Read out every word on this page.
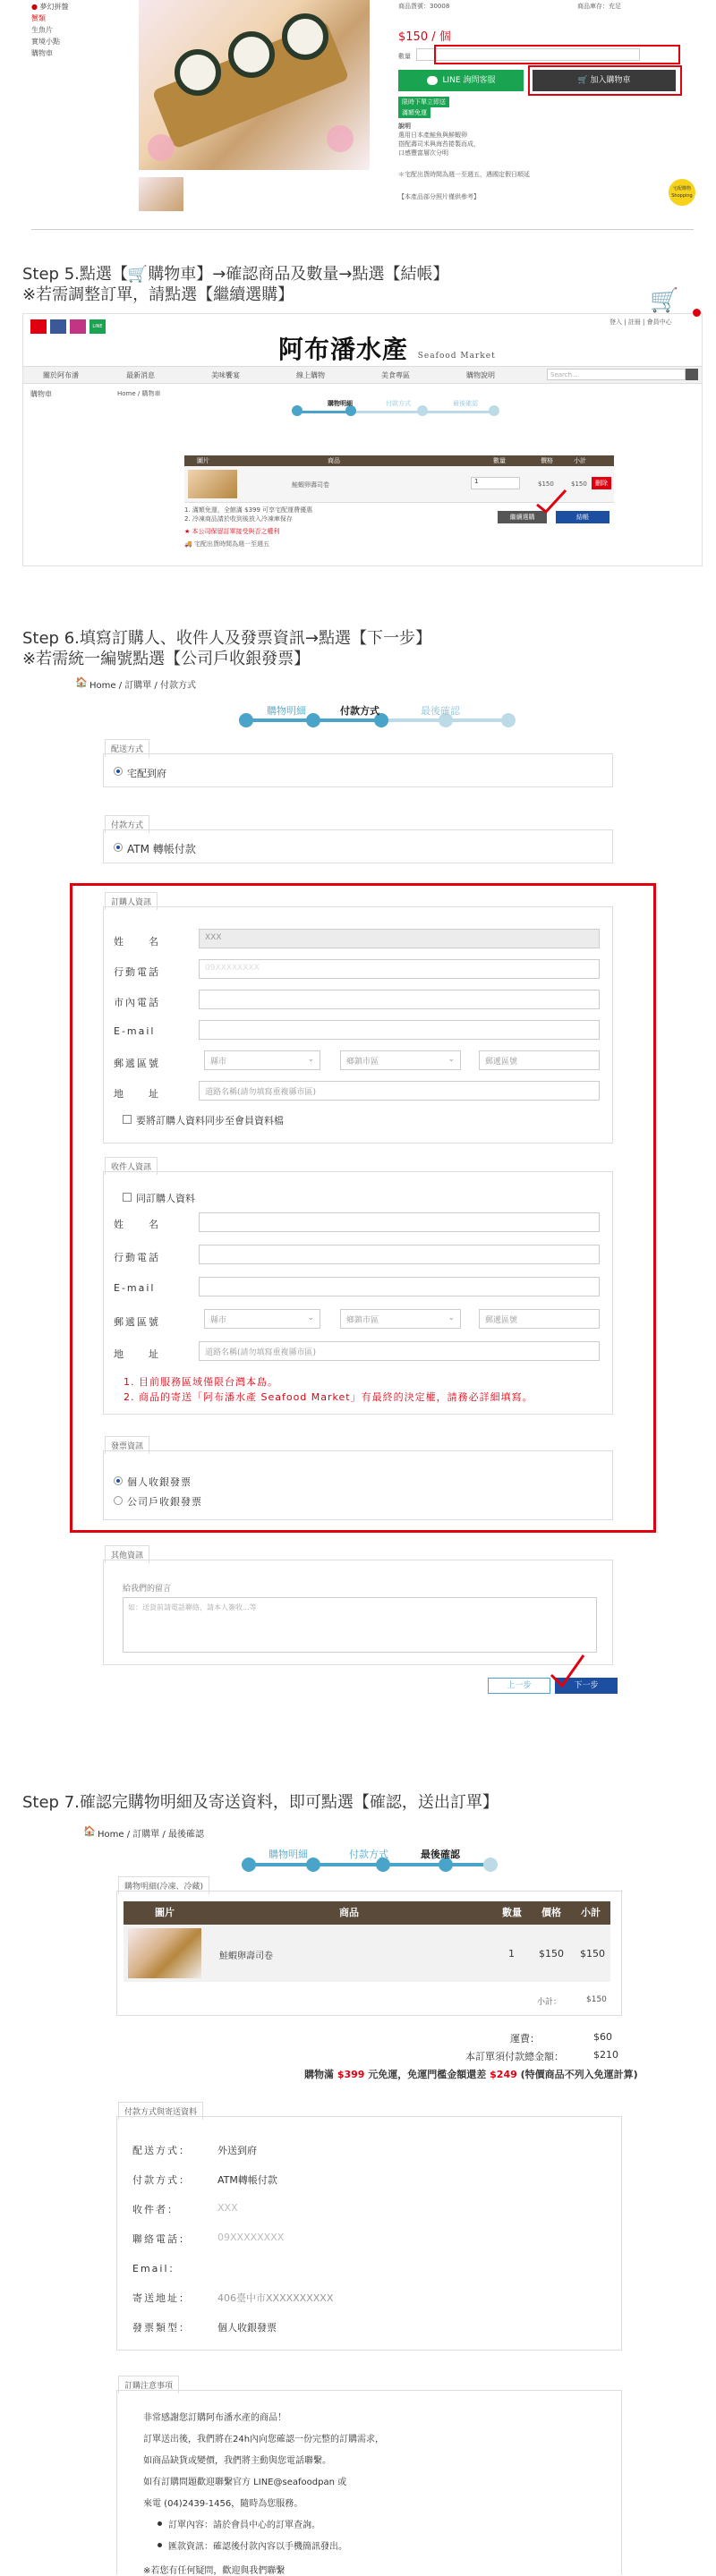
● 夢幻拼盤
蟹類
生魚片
實境小點
購物車
商品貨號：30008	商品庫存：充足
$150 / 個
數量
LINE 詢問客服	🛒 加入購物車
限時下單立即送
滿額免運
說明
選用日本產鮭魚與鮮蝦卵
搭配壽司米與海苔捲製而成，
口感豐富層次分明
＊宅配出貨時間為週一至週五，遇國定假日順延
【本產品部分照片僅供參考】
宅配購物 Shopping
Step 5.點選【🛒購物車】→確認商品及數量→點選【結帳】
※若需調整訂單，請點選【繼續選購】
LINE
阿布潘水產 Seafood Market
登入 | 註冊 | 會員中心
🛒
關於阿布潘	最新消息	美味饗宴	線上購物	美食專區	購物說明	Search...
購物車	Home / 購物車
購物明細	付款方式	最後確認
圖片	商品	數量	價格	小計
鮭蝦卵壽司卷	1	$150	$150	刪除
1. 滿額免運，全館滿 $399 可享宅配運費優惠
2. 冷凍商品請於收到後放入冷凍庫保存
★ 本公司保留訂單接受與否之權利
🚚 宅配出貨時間為週一至週五
繼續選購	結帳
Step 6.填寫訂購人、收件人及發票資訊→點選【下一步】
※若需統一編號點選【公司戶收銀發票】
🏠 Home / 訂購單 / 付款方式
購物明細	付款方式	最後確認
配送方式
宅配到府
付款方式
ATM 轉帳付款
訂購人資訊
姓　　名	XXX
行動電話	09XXXXXXXX
市內電話
E-mail
郵遞區號	縣市	⌄	鄉鎮市區	⌄	郵遞區號
地　　址	道路名稱(請勿填寫重複縣市區)
要將訂購人資料同步至會員資料檔
收件人資訊
同訂購人資料
姓　　名
行動電話
E-mail
郵遞區號	縣市	⌄	鄉鎮市區	⌄	郵遞區號
地　　址	道路名稱(請勿填寫重複縣市區)
1. 目前服務區域僅限台灣本島。
2. 商品的寄送「阿布潘水產 Seafood Market」有最終的決定權，請務必詳細填寫。
發票資訊
個人收銀發票
公司戶收銀發票
其他資訊
給我們的留言
如：送貨前請電話聯絡，請本人簽收...等
上一步	下一步
Step 7.確認完購物明細及寄送資料，即可點選【確認，送出訂單】
🏠 Home / 訂購單 / 最後確認
購物明細	付款方式	最後確認
購物明細(冷凍、冷藏)
圖片	商品	數量	價格	小計
鮭蝦卵壽司卷	1 $150 $150
小計：	$150
運費：	$60
本訂單須付款總金額：	$210
購物滿 $399 元免運，免運門檻金額還差 $249 (特價商品不列入免運計算)
付款方式與寄送資料
配送方式：	外送到府
付款方式：	ATM轉帳付款
收件者：	XXX
聯絡電話：	09XXXXXXXX
Email：
寄送地址：	406臺中市XXXXXXXXXX
發票類型：	個人收銀發票
訂購注意事項
非常感謝您訂購阿布潘水產的商品！
訂單送出後，我們將在24h內向您確認一份完整的訂購需求，
如商品缺貨或變價，我們將主動與您電話聯繫。
如有訂購問題歡迎聯繫官方 LINE@seafoodpan 或
來電 (04)2439-1456，隨時為您服務。
訂單內容：請於會員中心的訂單查詢。
匯款資訊：確認後付款內容以手機簡訊發出。
※若您有任何疑問，歡迎與我們聯繫
